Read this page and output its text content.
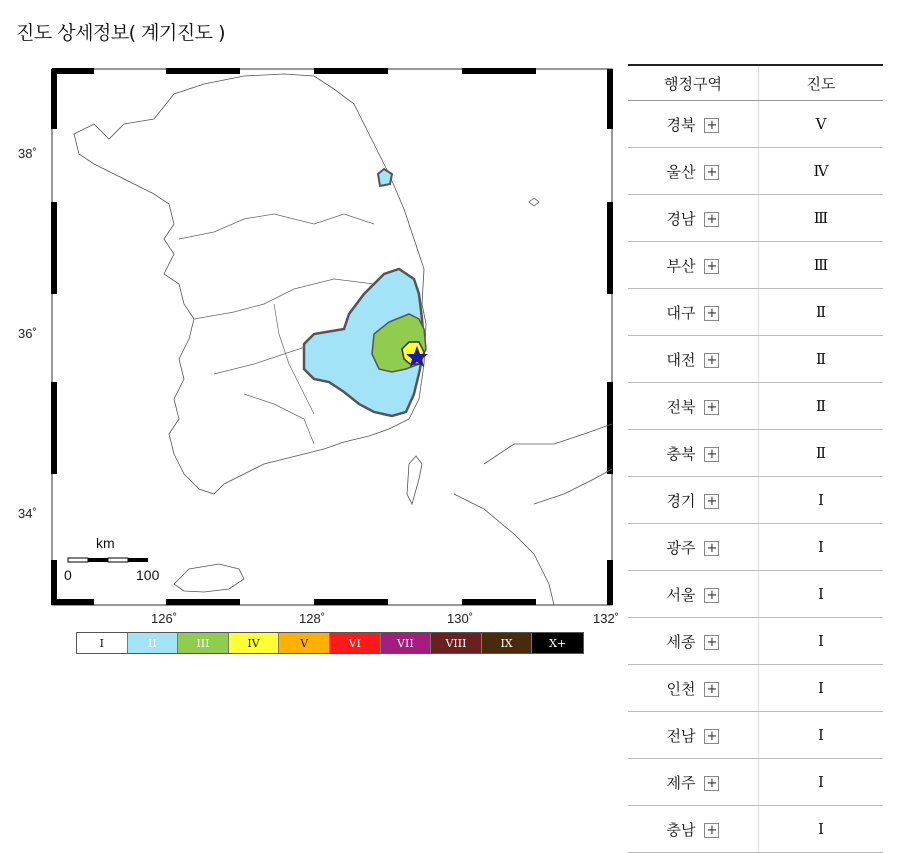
진도 상세정보( 계기진도 )
38˚
36˚
34˚
126˚	128˚	130˚	132˚
km
0	100
I	II	III	IV	V	VI	VII	VIII	IX	X+
행정구역	진도
경북 +	Ⅴ
울산 +	Ⅳ
경남 +	Ⅲ
부산 +	Ⅲ
대구 +	Ⅱ
대전 +	Ⅱ
전북 +	Ⅱ
충북 +	Ⅱ
경기 +	Ⅰ
광주 +	Ⅰ
서울 +	Ⅰ
세종 +	Ⅰ
인천 +	Ⅰ
전남 +	Ⅰ
제주 +	Ⅰ
충남 +	Ⅰ
